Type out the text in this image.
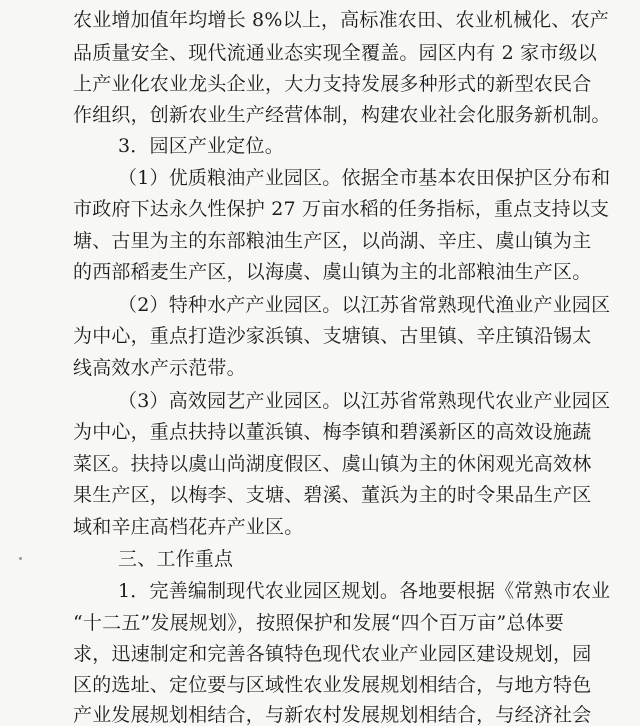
农业增加值年均增长 8%以上，高标准农田、农业机械化、农产
品质量安全、现代流通业态实现全覆盖。园区内有 2 家市级以
上产业化农业龙头企业，大力支持发展多种形式的新型农民合
作组织，创新农业生产经营体制，构建农业社会化服务新机制。
3．园区产业定位。
（1）优质粮油产业园区。依据全市基本农田保护区分布和
市政府下达永久性保护 27 万亩水稻的任务指标，重点支持以支
塘、古里为主的东部粮油生产区，以尚湖、辛庄、虞山镇为主
的西部稻麦生产区，以海虞、虞山镇为主的北部粮油生产区。
（2）特种水产产业园区。以江苏省常熟现代渔业产业园区
为中心，重点打造沙家浜镇、支塘镇、古里镇、辛庄镇沿锡太
线高效水产示范带。
（3）高效园艺产业园区。以江苏省常熟现代农业产业园区
为中心，重点扶持以董浜镇、梅李镇和碧溪新区的高效设施蔬
菜区。扶持以虞山尚湖度假区、虞山镇为主的休闲观光高效林
果生产区，以梅李、支塘、碧溪、董浜为主的时令果品生产区
域和辛庄高档花卉产业区。
三、工作重点
1．完善编制现代农业园区规划。各地要根据《常熟市农业
“十二五”发展规划》，按照保护和发展“四个百万亩”总体要
求，迅速制定和完善各镇特色现代农业产业园区建设规划，园
区的选址、定位要与区域性农业发展规划相结合，与地方特色
产业发展规划相结合，与新农村发展规划相结合，与经济社会
